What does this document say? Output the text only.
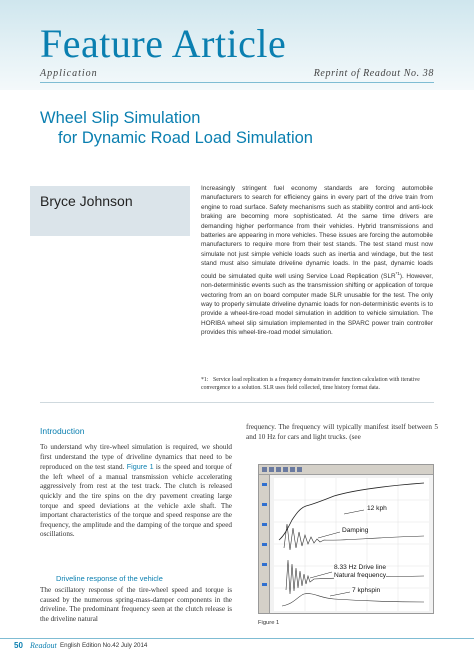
Feature Article
Application	Reprint of Readout No. 38
Wheel Slip Simulation
for Dynamic Road Load Simulation
Bryce Johnson
Increasingly stringent fuel economy standards are forcing automobile manufacturers to search for efficiency gains in every part of the drive train from engine to road surface. Safety mechanisms such as stability control and anti-lock braking are becoming more sophisticated. At the same time drivers are demanding higher performance from their vehicles. Hybrid transmissions and batteries are appearing in more vehicles. These issues are forcing the automobile manufacturers to require more from their test stands. The test stand must now simulate not just simple vehicle loads such as inertia and windage, but the test stand must also simulate driveline dynamic loads. In the past, dynamic loads could be simulated quite well using Service Load Replication (SLR$^{*1}$). However, non-deterministic events such as the transmission shifting or application of torque vectoring from an on board computer made SLR unusable for the test. The only way to properly simulate driveline dynamic loads for non-deterministic events is to provide a wheel-tire-road model simulation in addition to vehicle simulation. The HORIBA wheel slip simulation implemented in the SPARC power train controller provides this wheel-tire-road model simulation.
*1: Service load replication is a frequency domain transfer function calculation with iterative convergence to a solution. SLR uses field collected, time history format data.
Introduction
To understand why tire-wheel simulation is required, we should first understand the type of driveline dynamics that need to be reproduced on the test stand. Figure 1 is the speed and torque of the left wheel of a manual transmission vehicle accelerating aggressively from rest at the test track. The clutch is released quickly and the tire spins on the dry pavement creating large torque and speed deviations at the vehicle axle shaft. The important characteristics of the torque and speed response are the frequency, the amplitude and the damping of the torque and speed oscillations.
Driveline response of the vehicle
The oscillatory response of the tire-wheel speed and torque is caused by the numerous spring-mass-damper components in the driveline. The predominant frequency seen at the clutch release is the driveline natural
frequency. The frequency will typically manifest itself between 5 and 10 Hz for cars and light trucks. (see
12 kph
Damping
8.33 Hz Drive line
Natural frequency
7 kphspin
Figure 1
50 Readout English Edition No.42 July 2014
